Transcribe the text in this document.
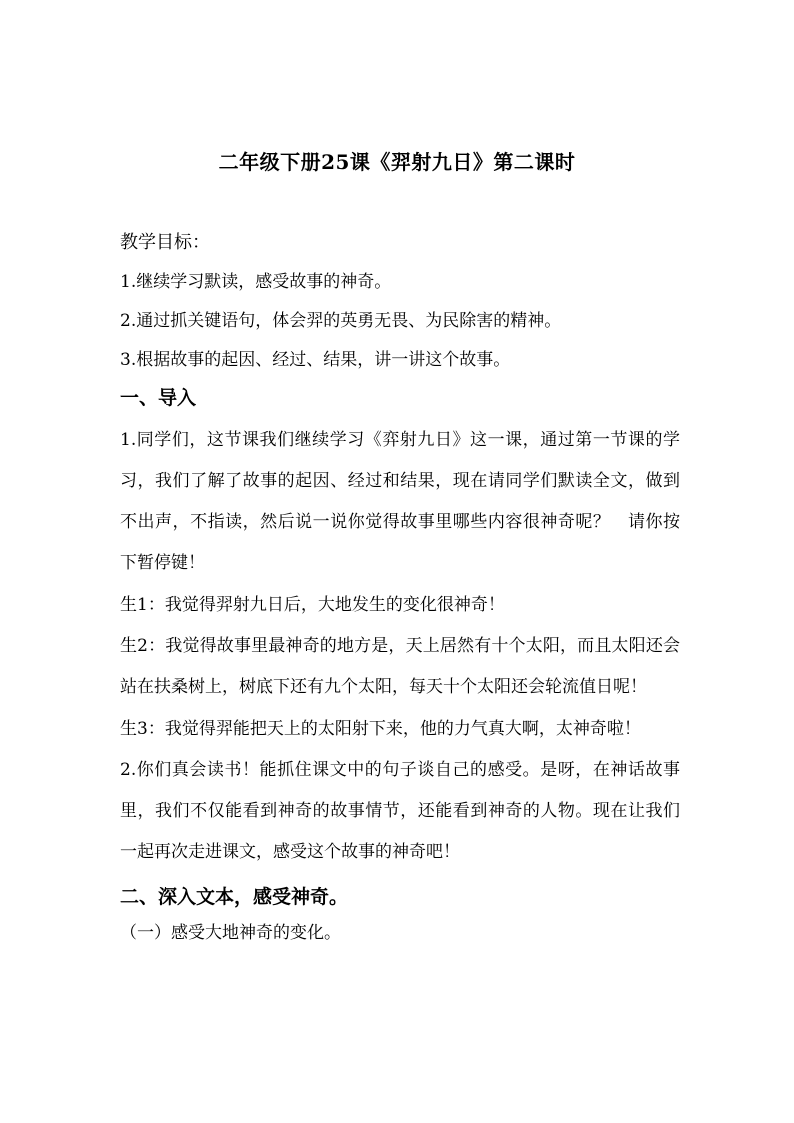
二年级下册25课《羿射九日》第二课时

教学目标：

1.继续学习默读，感受故事的神奇。

2.通过抓关键语句，体会羿的英勇无畏、为民除害的精神。

3.根据故事的起因、经过、结果，讲一讲这个故事。

一、导入

1.同学们，这节课我们继续学习《弈射九日》这一课，通过第一节课的学习，我们了解了故事的起因、经过和结果，现在请同学们默读全文，做到不出声，不指读，然后说一说你觉得故事里哪些内容很神奇呢？　请你按下暂停键！

生1：我觉得羿射九日后，大地发生的变化很神奇！

生2：我觉得故事里最神奇的地方是，天上居然有十个太阳，而且太阳还会站在扶桑树上，树底下还有九个太阳，每天十个太阳还会轮流值日呢！

生3：我觉得羿能把天上的太阳射下来，他的力气真大啊，太神奇啦！

2.你们真会读书！能抓住课文中的句子谈自己的感受。是呀，在神话故事里，我们不仅能看到神奇的故事情节，还能看到神奇的人物。现在让我们一起再次走进课文，感受这个故事的神奇吧！

二、深入文本，感受神奇。

（一）感受大地神奇的变化。
